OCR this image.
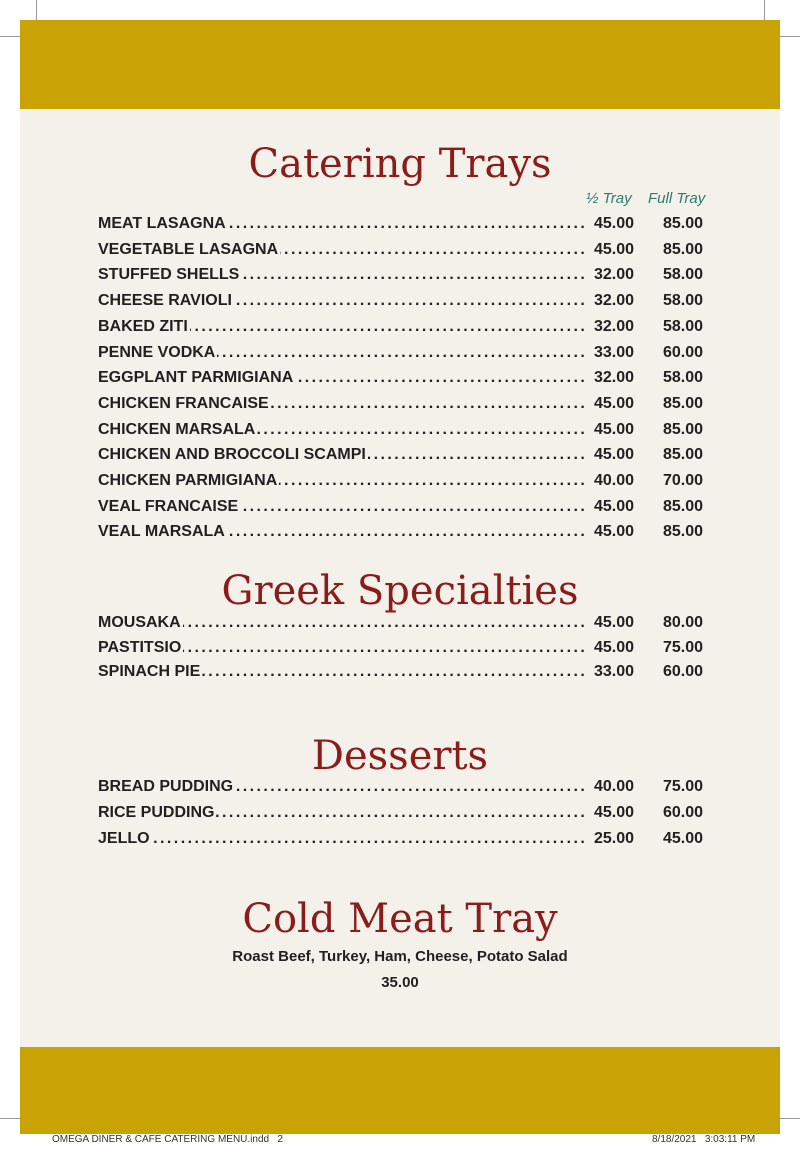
Catering Trays
½ Tray Full Tray
MEAT LASAGNA . . .	45.00	85.00
VEGETABLE LASAGNA . . .	45.00	85.00
STUFFED SHELLS . . .	32.00	58.00
CHEESE RAVIOLI . . .	32.00	58.00
BAKED ZITI . . .	32.00	58.00
PENNE VODKA . . .	33.00	60.00
EGGPLANT PARMIGIANA . . .	32.00	58.00
CHICKEN FRANCAISE . . .	45.00	85.00
CHICKEN MARSALA . . .	45.00	85.00
CHICKEN AND BROCCOLI SCAMPI . . .	45.00	85.00
CHICKEN PARMIGIANA . . .	40.00	70.00
VEAL FRANCAISE . . .	45.00	85.00
VEAL MARSALA . . .	45.00	85.00
Greek Specialties
MOUSAKA . . .	45.00	80.00
PASTITSIO . . .	45.00	75.00
SPINACH PIE . . .	33.00	60.00
Desserts
BREAD PUDDING . . .	40.00	75.00
RICE PUDDING . . .	45.00	60.00
JELLO . . .	25.00	45.00
Cold Meat Tray
Roast Beef, Turkey, Ham, Cheese, Potato Salad
35.00
OMEGA DINER & CAFE CATERING MENU.indd   2	8/18/2021   3:03:11 PM
